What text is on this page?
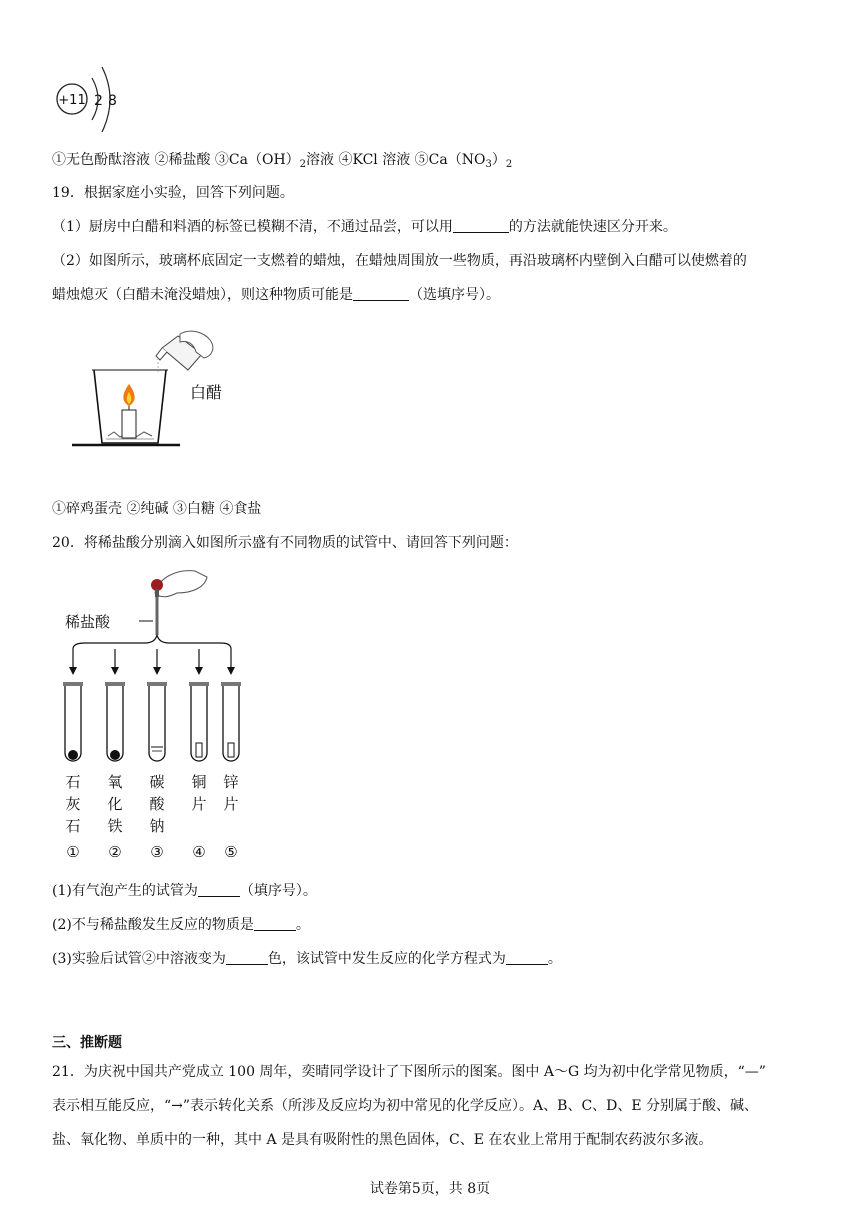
+11 2 8
①无色酚酞溶液 ②稀盐酸 $③Ca(OH)_2$溶液 ④KCl 溶液 $⑤Ca(NO_3)_2$
19．根据家庭小实验，回答下列问题。
（1）厨房中白醋和料酒的标签已模糊不清，不通过品尝，可以用	的方法就能快速区分开来。
（2）如图所示，玻璃杯底固定一支燃着的蜡烛，在蜡烛周围放一些物质，再沿玻璃杯内壁倒入白醋可以使燃着的
蜡烛熄灭（白醋未淹没蜡烛），则这种物质可能是	（选填序号）。
白醋
①碎鸡蛋壳 ②纯碱 ③白糖 ④食盐
20．将稀盐酸分别滴入如图所示盛有不同物质的试管中、请回答下列问题：
稀盐酸
石
灰
石
氧
化
铁
碳
酸
钠
铜
片
锌
片
① ② ③ ④ ⑤
(1)有气泡产生的试管为	（填序号）。
(2)不与稀盐酸发生反应的物质是	。
(3)实验后试管②中溶液变为	色，该试管中发生反应的化学方程式为	。
三、推断题
21．为庆祝中国共产党成立 100 周年，奕晴同学设计了下图所示的图案。图中 A～G 均为初中化学常见物质，“—”
表示相互能反应，“→”表示转化关系（所涉及反应均为初中常见的化学反应）。A、B、C、D、E 分别属于酸、碱、
盐、氧化物、单质中的一种，其中 A 是具有吸附性的黑色固体，C、E 在农业上常用于配制农药波尔多液。
试卷第5页，共 8页
